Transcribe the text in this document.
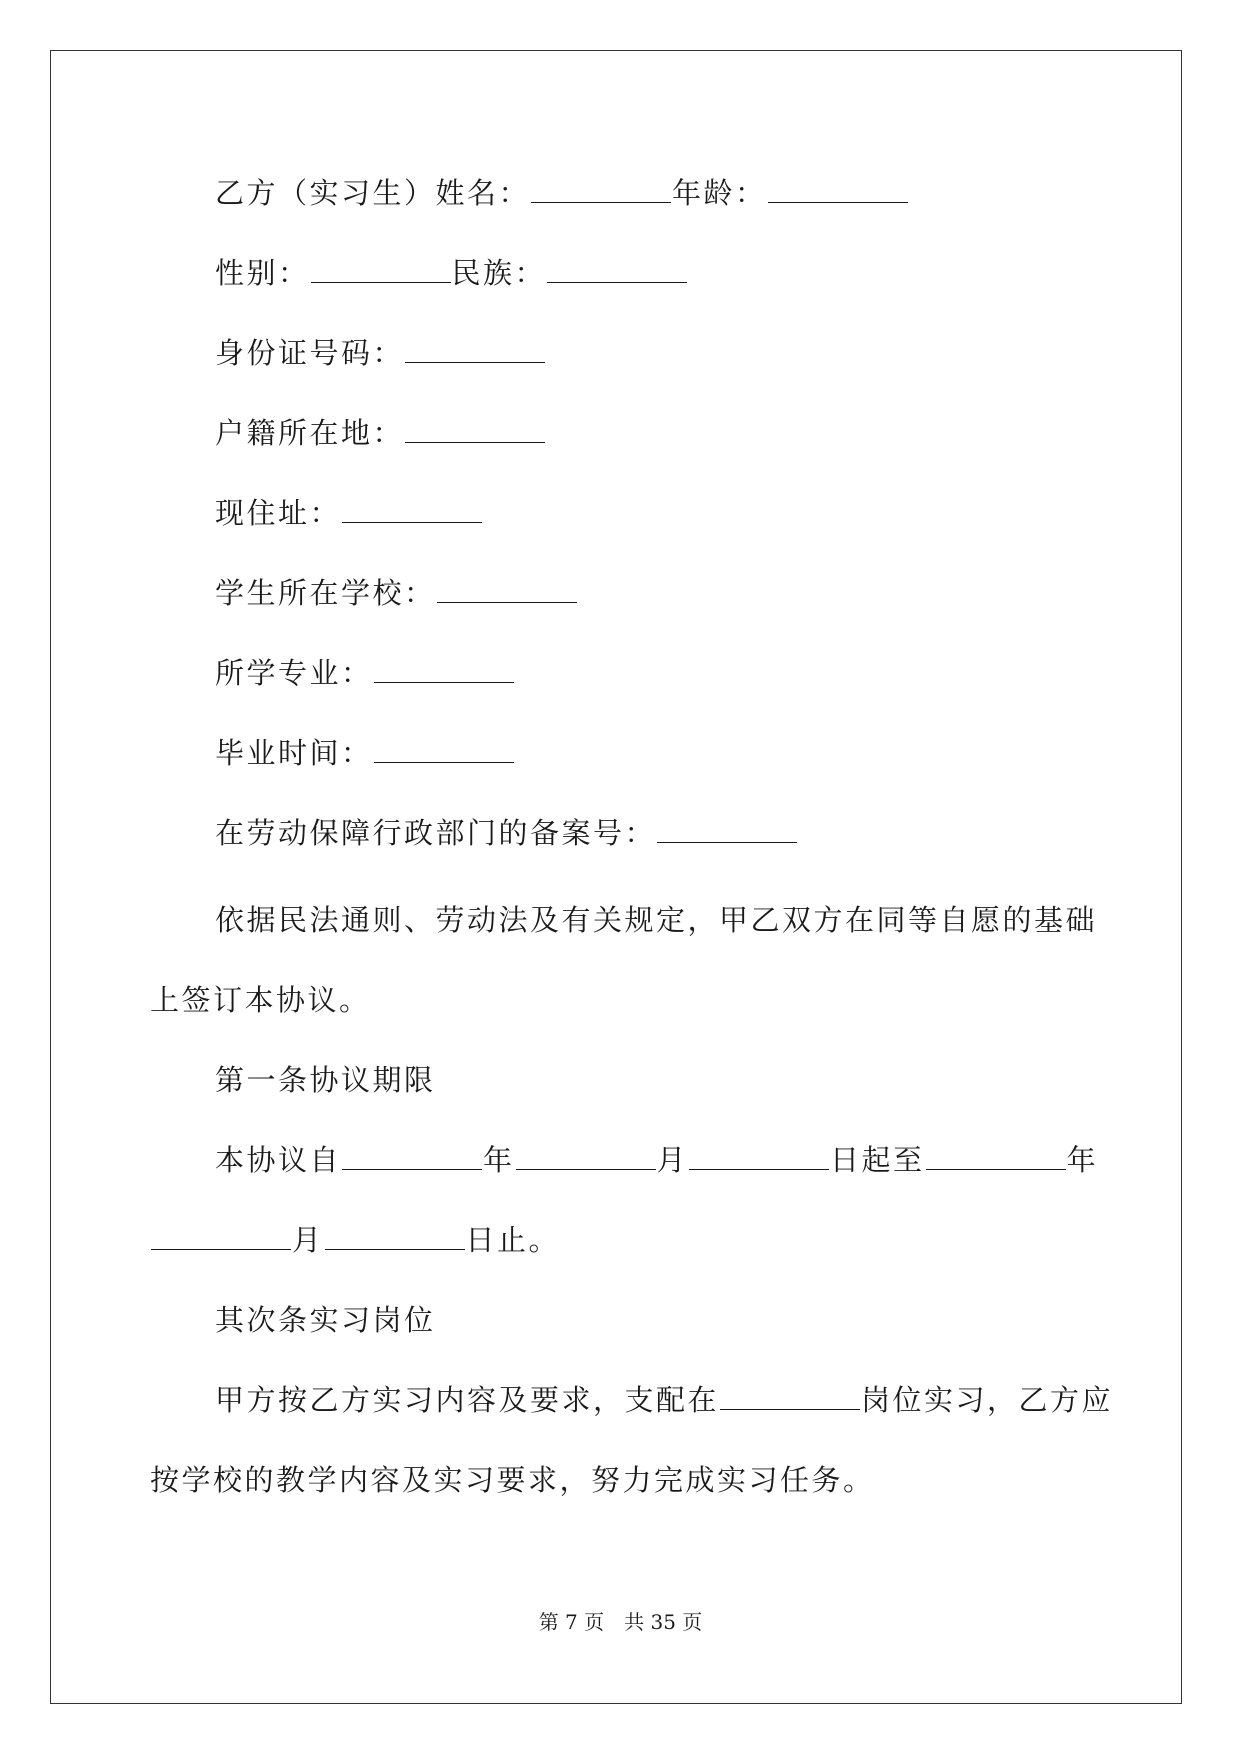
乙方（实习生）姓名：	年龄：
性别：	民族：
身份证号码：
户籍所在地：
现住址：
学生所在学校：
所学专业：
毕业时间：
在劳动保障行政部门的备案号：
依据民法通则、劳动法及有关规定，甲乙双方在同等自愿的基础
上签订本协议。
第一条协议期限
本协议自	年	月	日起至	年
月	日止。
其次条实习岗位
甲方按乙方实习内容及要求，支配在	岗位实习，乙方应
按学校的教学内容及实习要求，努力完成实习任务。
第 7 页 共 35 页
